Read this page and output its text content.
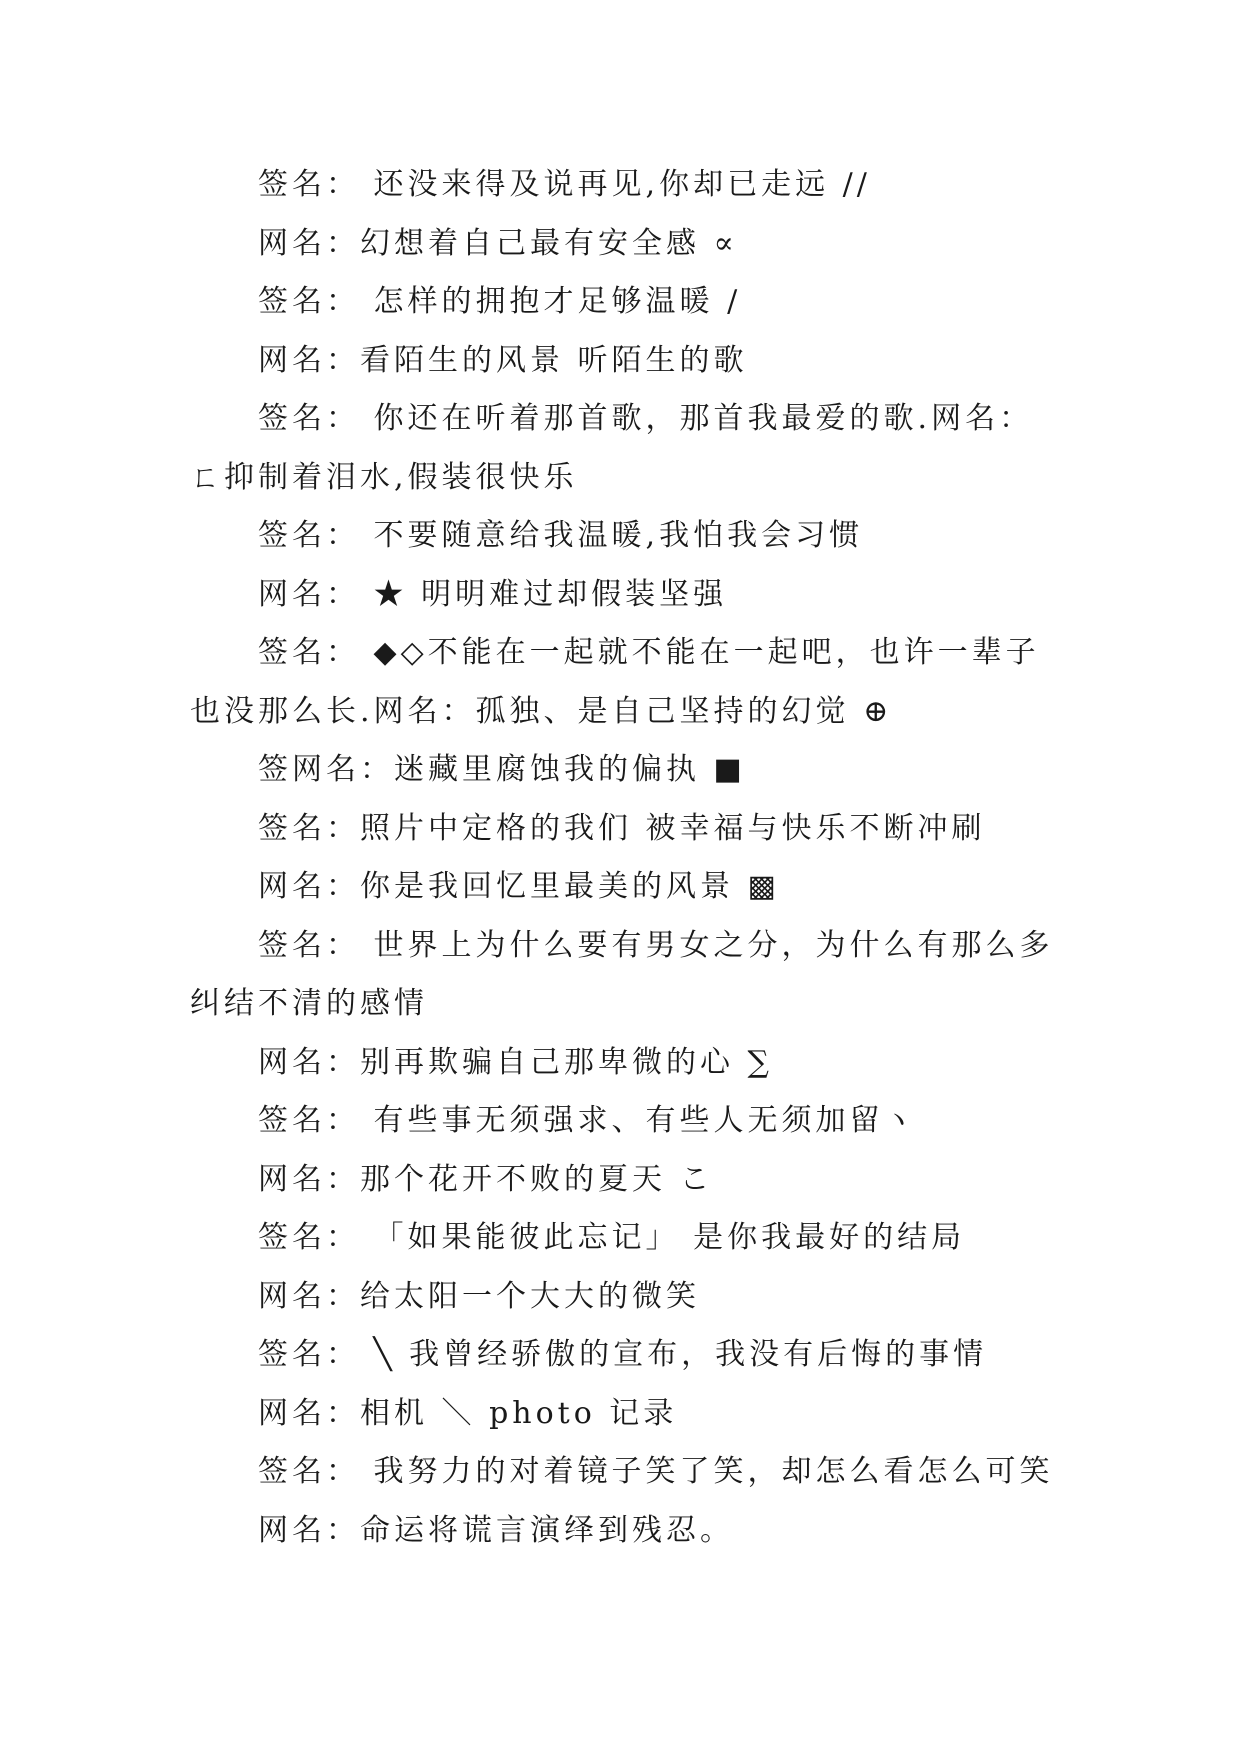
签名： 还没来得及说再见,你却已走远 //

网名：幻想着自己最有安全感 ∝

签名： 怎样的拥抱才足够温暖 /

网名：看陌生的风景 听陌生的歌

签名： 你还在听着那首歌，那首我最爱的歌.网名：ㄈ抑制着泪水,假装很快乐

签名： 不要随意给我温暖,我怕我会习惯

网名： ★ 明明难过却假装坚强

签名： ◆◇不能在一起就不能在一起吧，也许一辈子也没那么长.网名：孤独、是自己坚持的幻觉 ⊕

签网名：迷藏里腐蚀我的偏执 ■

签名：照片中定格的我们 被幸福与快乐不断冲刷

网名：你是我回忆里最美的风景 ▩

签名： 世界上为什么要有男女之分，为什么有那么多纠结不清的感情

网名：别再欺骗自己那卑微的心 ∑

签名： 有些事无须强求、有些人无须加留ヽ

网名：那个花开不败的夏天 こ

签名： 「如果能彼此忘记」 是你我最好的结局

网名：给太阳一个大大的微笑

签名： ╲ 我曾经骄傲的宣布，我没有后悔的事情

网名：相机 ＼ photo 记录

签名： 我努力的对着镜子笑了笑，却怎么看怎么可笑

网名：命运将谎言演绎到残忍。
